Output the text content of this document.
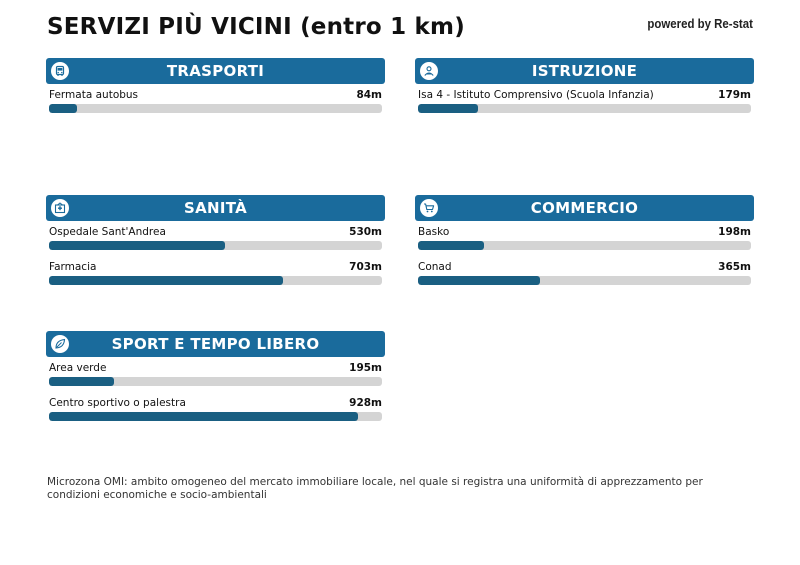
SERVIZI PIÙ VICINI (entro 1 km)	powered by Re-stat
TRASPORTI
Fermata autobus	84m
ISTRUZIONE
Isa 4 - Istituto Comprensivo (Scuola Infanzia)	179m
SANITÀ
Ospedale Sant'Andrea	530m
Farmacia	703m
COMMERCIO
Basko	198m
Conad	365m
SPORT E TEMPO LIBERO
Area verde	195m
Centro sportivo o palestra	928m
Microzona OMI: ambito omogeneo del mercato immobiliare locale, nel quale si registra una uniformità di apprezzamento per condizioni economiche e socio-ambientali
